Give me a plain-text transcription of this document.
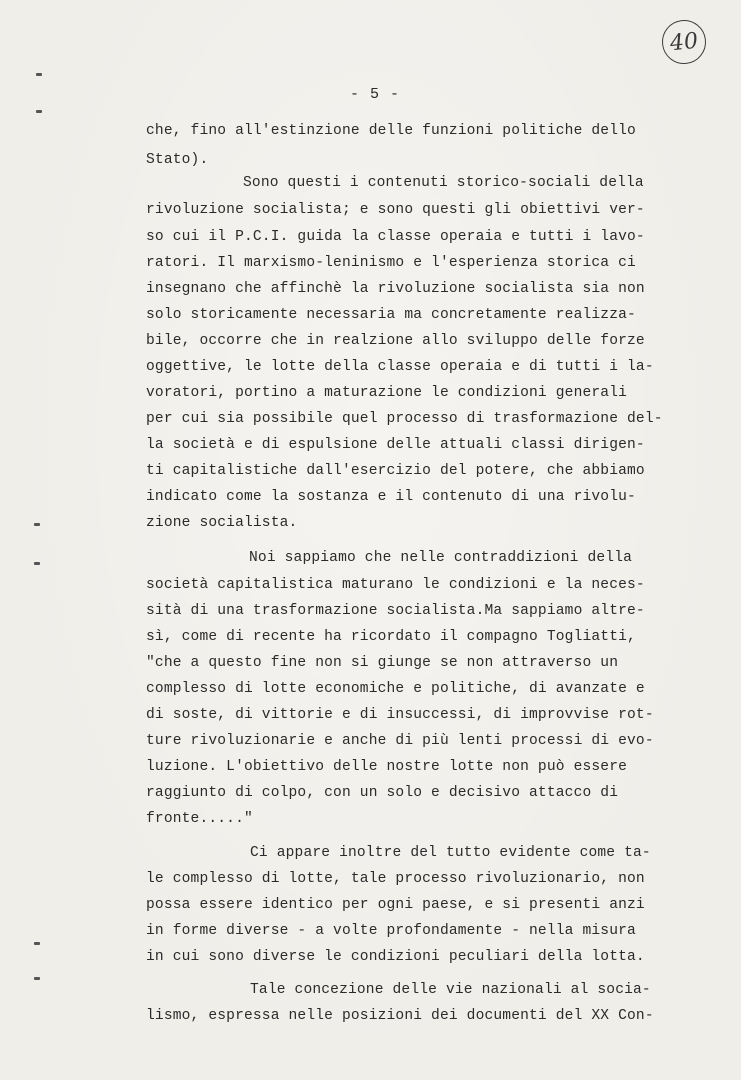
40
- 5 -
che, fino all'estinzione delle funzioni politiche dello
Stato).
Sono questi i contenuti storico-sociali della
rivoluzione socialista; e sono questi gli obiettivi ver-
so cui il P.C.I. guida la classe operaia e tutti i lavo-
ratori. Il marxismo-leninismo e l'esperienza storica ci
insegnano che affinchè la rivoluzione socialista sia non
solo storicamente necessaria ma concretamente realizza-
bile, occorre che in realzione allo sviluppo delle forze
oggettive, le lotte della classe operaia e di tutti i la-
voratori, portino a maturazione le condizioni generali
per cui sia possibile quel processo di trasformazione del-
la società e di espulsione delle attuali classi dirigen-
ti capitalistiche dall'esercizio del potere, che abbiamo
indicato come la sostanza e il contenuto di una rivolu-
zione socialista.
Noi sappiamo che nelle contraddizioni della
società capitalistica maturano le condizioni e la neces-
sità di una trasformazione socialista.Ma sappiamo altre-
sì, come di recente ha ricordato il compagno Togliatti,
"che a questo fine non si giunge se non attraverso un
complesso di lotte economiche e politiche, di avanzate e
di soste, di vittorie e di insuccessi, di improvvise rot-
ture rivoluzionarie e anche di più lenti processi di evo-
luzione. L'obiettivo delle nostre lotte non può essere
raggiunto di colpo, con un solo e decisivo attacco di
fronte....."
Ci appare inoltre del tutto evidente come ta-
le complesso di lotte, tale processo rivoluzionario, non
possa essere identico per ogni paese, e si presenti anzi
in forme diverse - a volte profondamente - nella misura
in cui sono diverse le condizioni peculiari della lotta.
Tale concezione delle vie nazionali al socia-
lismo, espressa nelle posizioni dei documenti del XX Con-
